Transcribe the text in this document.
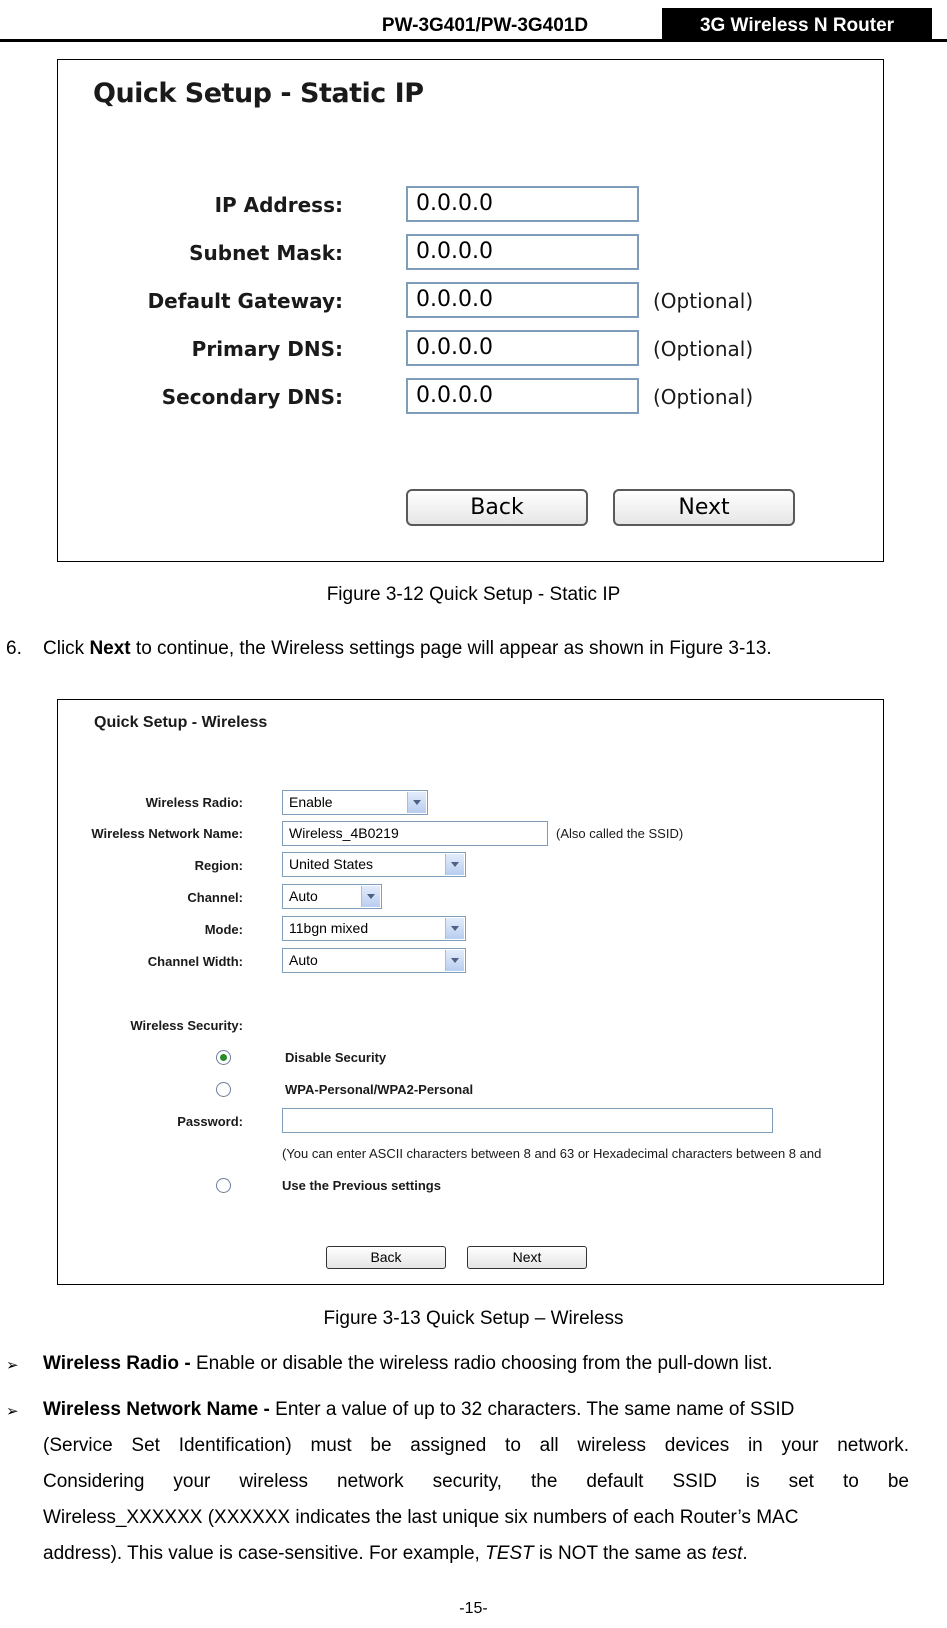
PW-3G401/PW-3G401D	3G Wireless N Router
Quick Setup - Static IP
IP Address:	0.0.0.0
Subnet Mask:	0.0.0.0
Default Gateway:	0.0.0.0	(Optional)
Primary DNS:	0.0.0.0	(Optional)
Secondary DNS:	0.0.0.0	(Optional)
Back	Next
Figure 3-12 Quick Setup - Static IP
6. Click Next to continue, the Wireless settings page will appear as shown in Figure 3-13.
Quick Setup - Wireless
Wireless Radio:	Enable
Wireless Network Name:	Wireless_4B0219	(Also called the SSID)
Region:	United States
Channel:	Auto
Mode:	11bgn mixed
Channel Width:	Auto
Wireless Security:
Disable Security
WPA-Personal/WPA2-Personal
Password:
(You can enter ASCII characters between 8 and 63 or Hexadecimal characters between 8 and
Use the Previous settings
Back	Next
Figure 3-13 Quick Setup – Wireless
➢ Wireless Radio - Enable or disable the wireless radio choosing from the pull-down list.
➢ Wireless Network Name - Enter a value of up to 32 characters. The same name of SSID
(Service Set Identification) must be assigned to all wireless devices in your network.
Considering your wireless network security, the default SSID is set to be
Wireless_XXXXXX (XXXXXX indicates the last unique six numbers of each Router’s MAC
address). This value is case-sensitive. For example, TEST is NOT the same as test.
-15-
